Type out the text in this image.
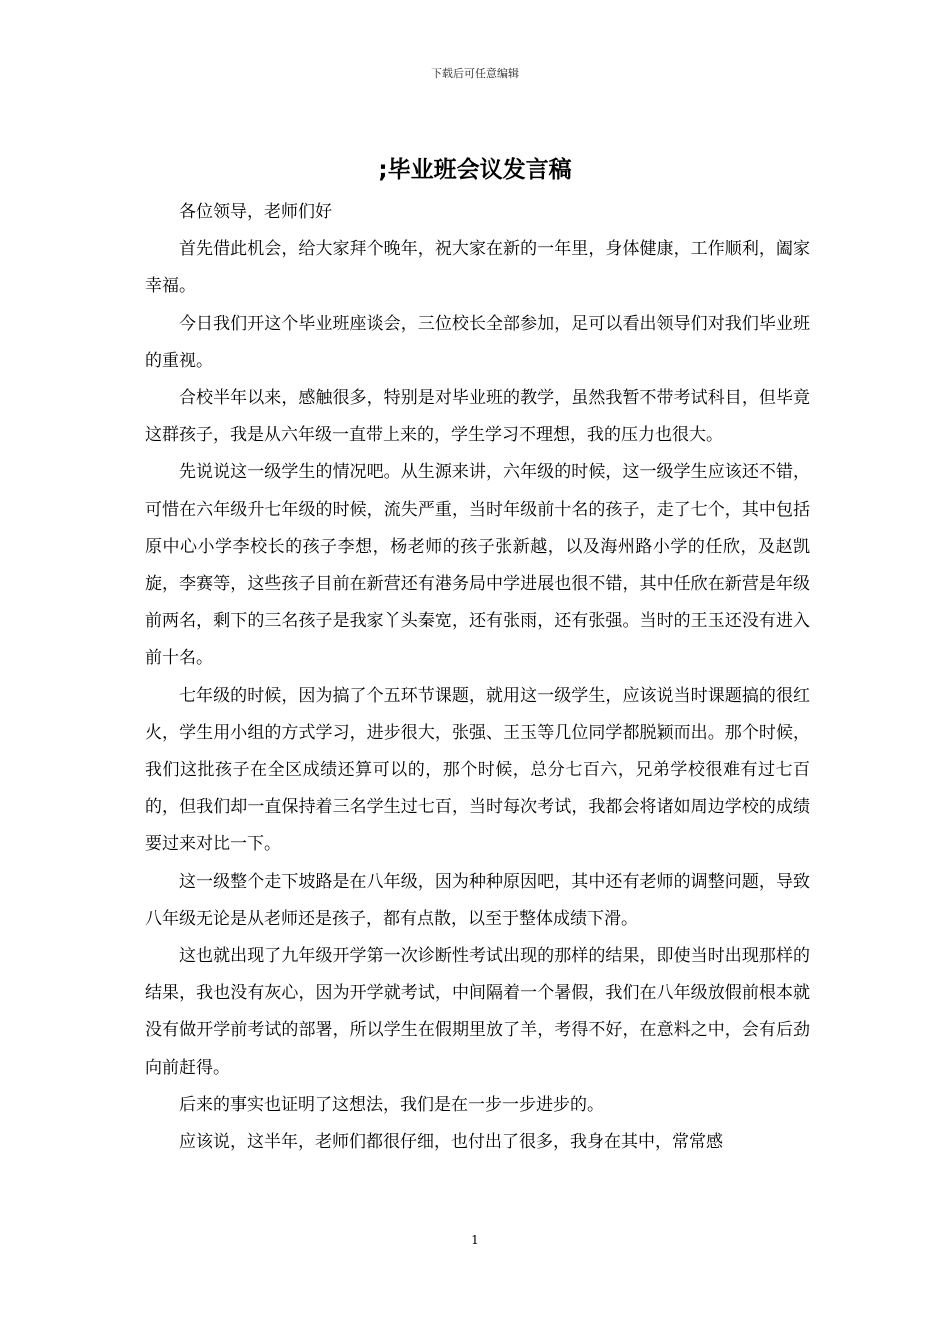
下载后可任意编辑
;毕业班会议发言稿

各位领导，老师们好

首先借此机会，给大家拜个晚年，祝大家在新的一年里，身体健康，工作顺利，阖家幸福。

今日我们开这个毕业班座谈会，三位校长全部参加，足可以看出领导们对我们毕业班的重视。

合校半年以来，感触很多，特别是对毕业班的教学，虽然我暂不带考试科目，但毕竟这群孩子，我是从六年级一直带上来的，学生学习不理想，我的压力也很大。

先说说这一级学生的情况吧。从生源来讲，六年级的时候，这一级学生应该还不错，可惜在六年级升七年级的时候，流失严重，当时年级前十名的孩子，走了七个，其中包括原中心小学李校长的孩子李想，杨老师的孩子张新越，以及海州路小学的任欣，及赵凯旋，李赛等，这些孩子目前在新营还有港务局中学进展也很不错，其中任欣在新营是年级前两名，剩下的三名孩子是我家丫头秦宽，还有张雨，还有张强。当时的王玉还没有进入前十名。

七年级的时候，因为搞了个五环节课题，就用这一级学生，应该说当时课题搞的很红火，学生用小组的方式学习，进步很大，张强、王玉等几位同学都脱颖而出。那个时候，我们这批孩子在全区成绩还算可以的，那个时候，总分七百六，兄弟学校很难有过七百的，但我们却一直保持着三名学生过七百，当时每次考试，我都会将诸如周边学校的成绩要过来对比一下。

这一级整个走下坡路是在八年级，因为种种原因吧，其中还有老师的调整问题，导致八年级无论是从老师还是孩子，都有点散，以至于整体成绩下滑。

这也就出现了九年级开学第一次诊断性考试出现的那样的结果，即使当时出现那样的结果，我也没有灰心，因为开学就考试，中间隔着一个暑假，我们在八年级放假前根本就没有做开学前考试的部署，所以学生在假期里放了羊，考得不好，在意料之中，会有后劲向前赶得。

后来的事实也证明了这想法，我们是在一步一步进步的。

应该说，这半年，老师们都很仔细，也付出了很多，我身在其中，常常感

1
